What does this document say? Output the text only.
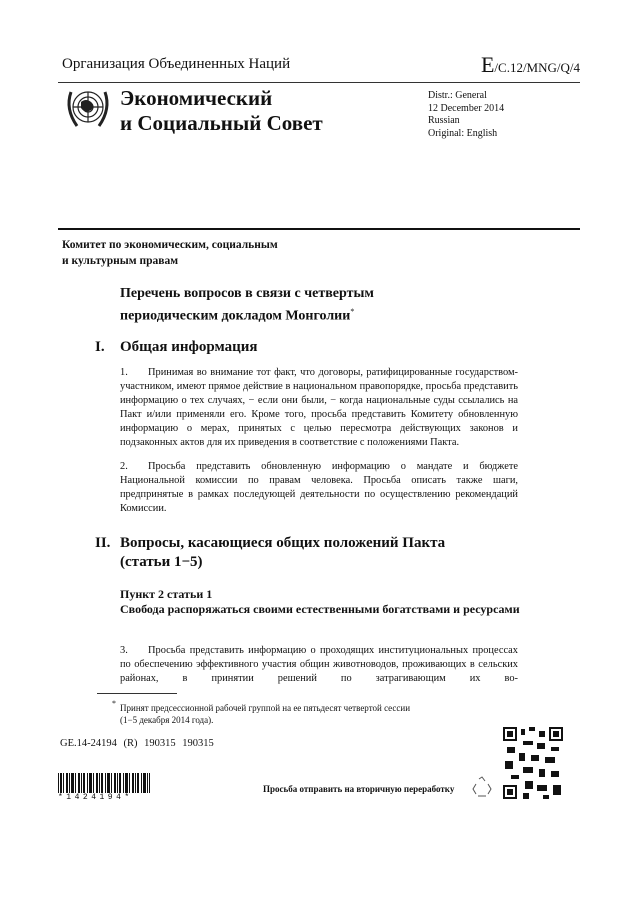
Организация Объединенных Наций	E/C.12/MNG/Q/4
Экономический
и Социальный Совет
Distr.: General
12 December 2014
Russian
Original: English
Комитет по экономическим, социальным
и культурным правам
Перечень вопросов в связи с четвертым
периодическим докладом Монголии*
I. Общая информация
1. Принимая во внимание тот факт, что договоры, ратифицированные государством-участником, имеют прямое действие в национальном правопорядке, просьба представить информацию о тех случаях, − если они были, − когда национальные суды ссылались на Пакт и/или применяли его. Кроме того, просьба представить Комитету обновленную информацию о мерах, принятых с целью пересмотра действующих законов и подзаконных актов для их приведения в соответствие с положениями Пакта.
2. Просьба представить обновленную информацию о мандате и бюджете Национальной комиссии по правам человека. Просьба описать также шаги, предпринятые в рамках последующей деятельности по осуществлению рекомендаций Комиссии.
II. Вопросы, касающиеся общих положений Пакта
(статьи 1−5)
Пункт 2 статьи 1
Свобода распоряжаться своими естественными богатствами и ресурсами
3. Просьба представить информацию о проходящих институциональных процессах по обеспечению эффективного участия общин животноводов, проживающих в сельских районах, в принятии решений по затрагивающим их во-
* Принят предсессионной рабочей группой на ее пятьдесят четвертой сессии
(1−5 декабря 2014 года).
GE.14-24194 (R) 190315 190315
*1424194*
Просьба отправить на вторичную переработку
